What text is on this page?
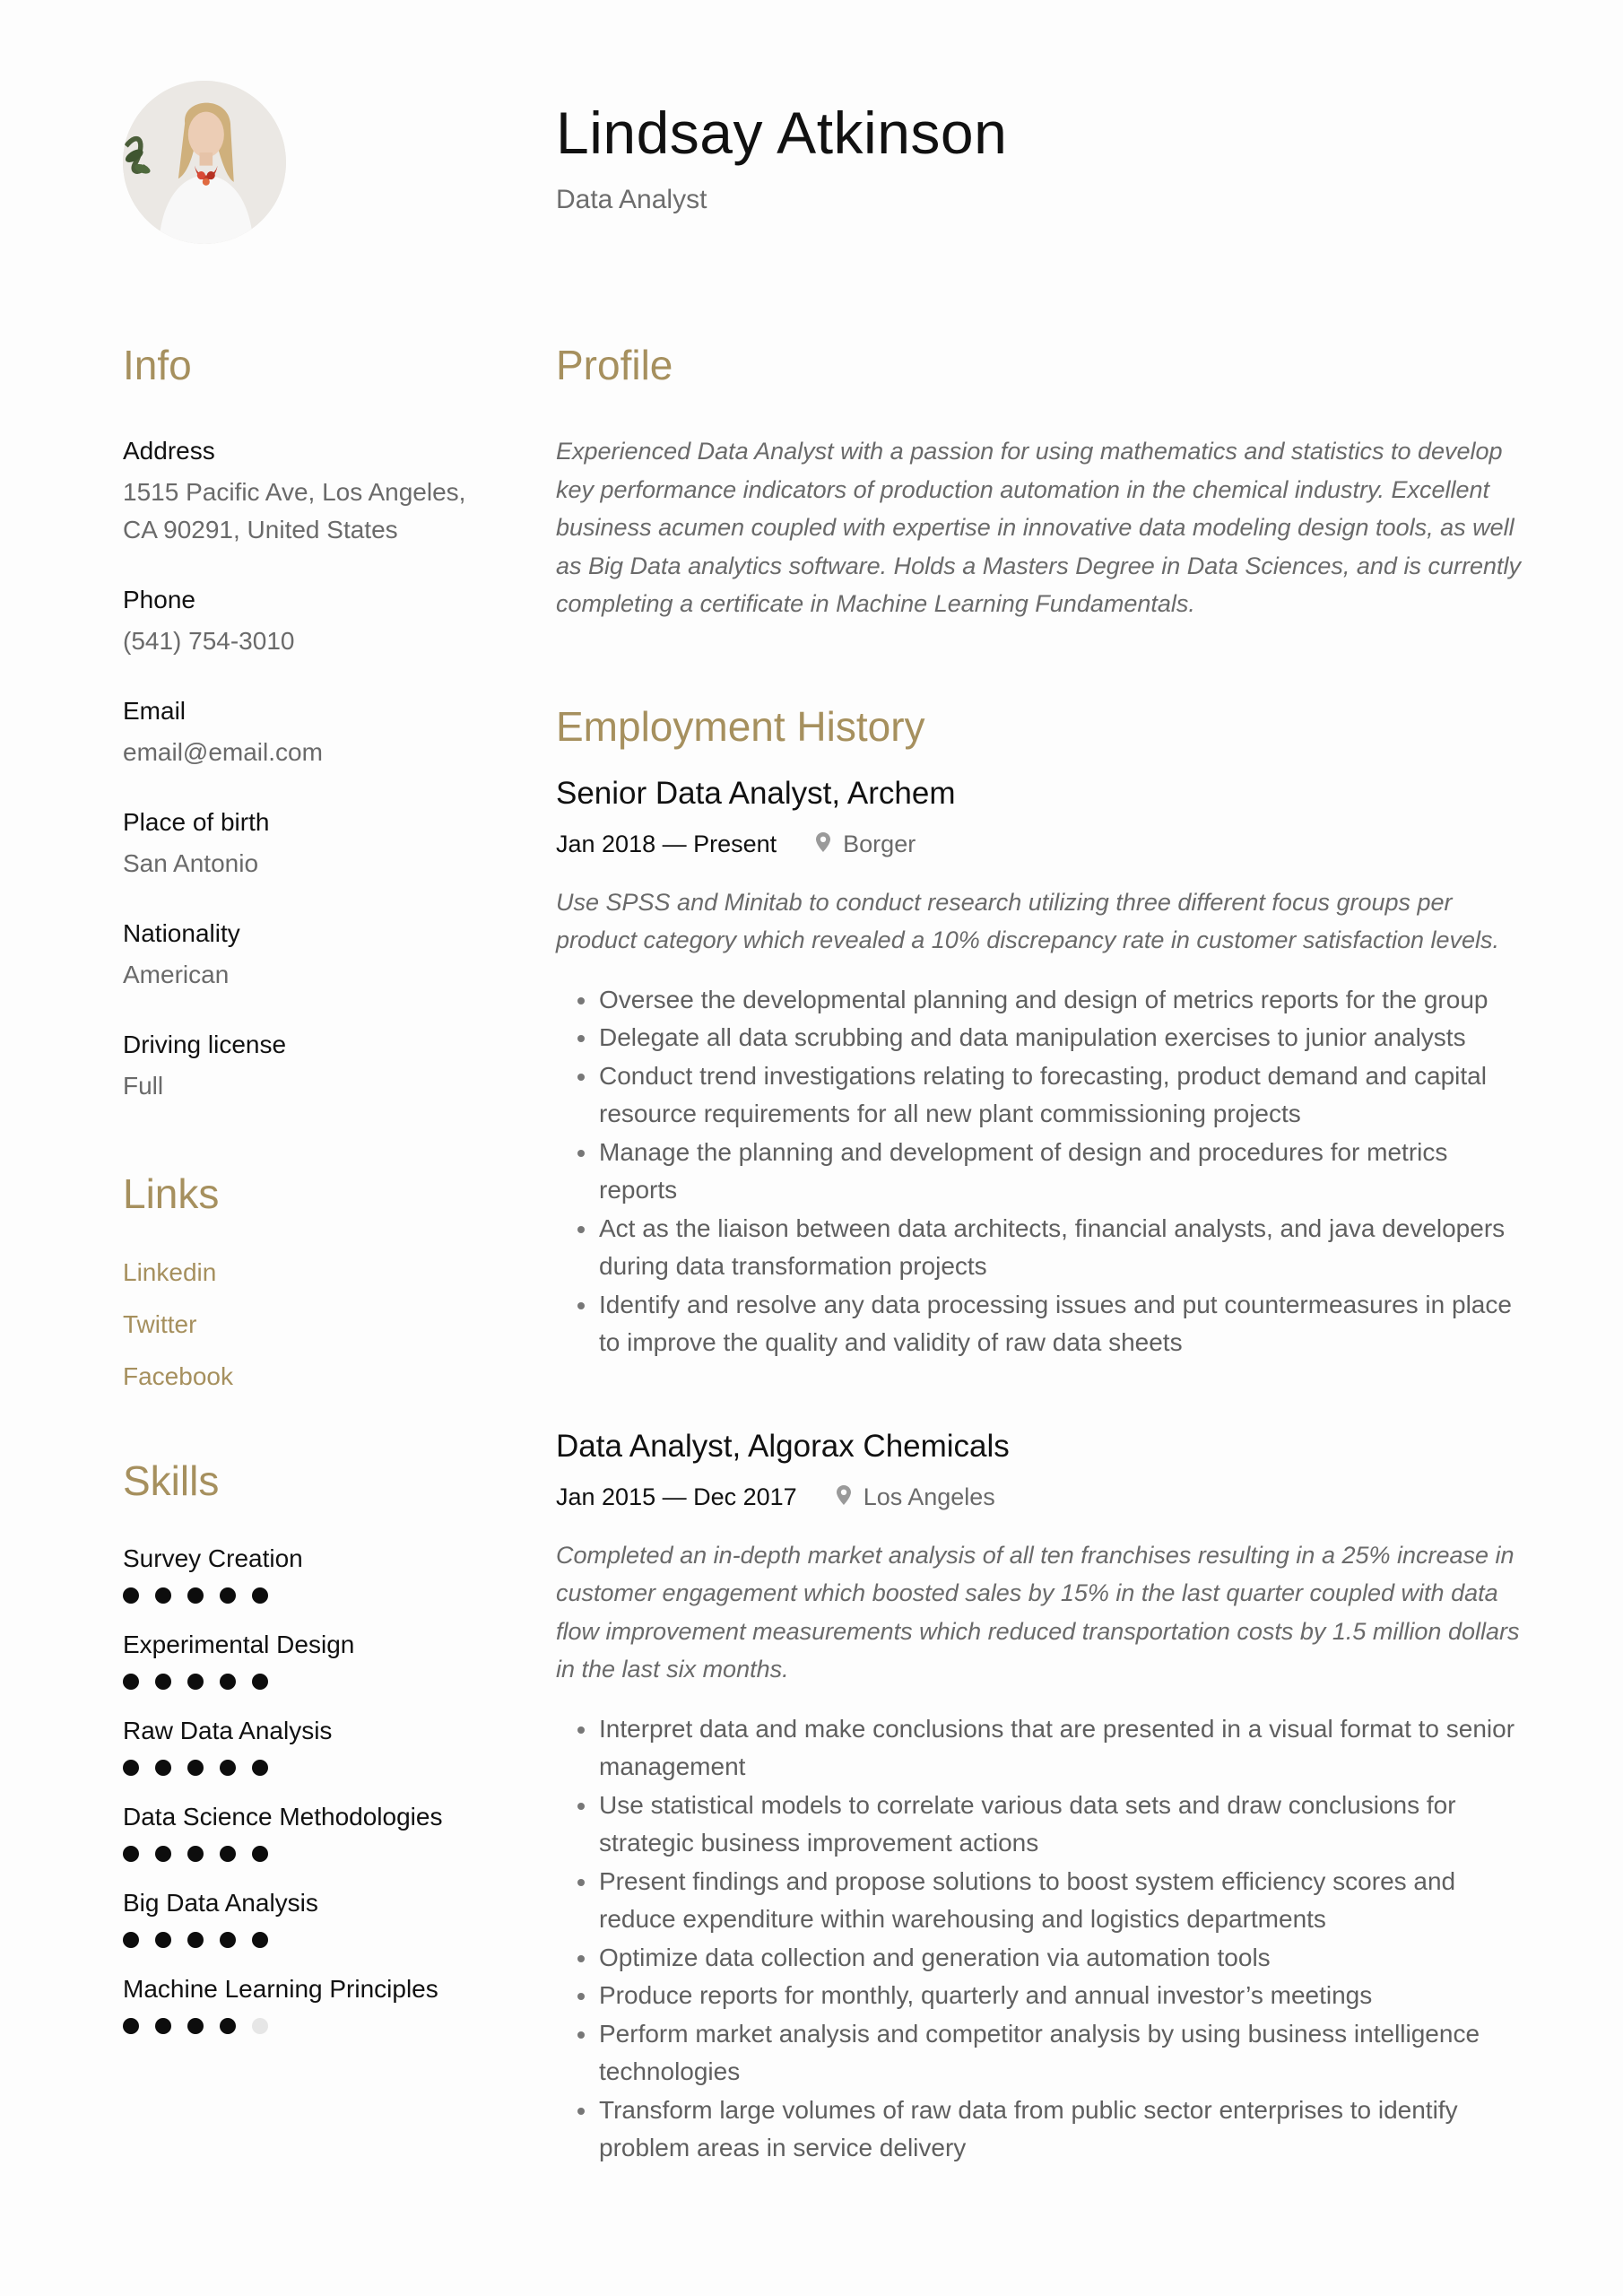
Lindsay Atkinson
Data Analyst
Info
Address
1515 Pacific Ave, Los Angeles,
CA 90291, United States
Phone
(541) 754-3010
Email
email@email.com
Place of birth
San Antonio
Nationality
American
Driving license
Full
Links
Linkedin
Twitter
Facebook
Skills
Survey Creation
Experimental Design
Raw Data Analysis
Data Science Methodologies
Big Data Analysis
Machine Learning Principles
Profile
Experienced Data Analyst with a passion for using mathematics and statistics to develop key performance indicators of production automation in the chemical industry. Excellent business acumen coupled with expertise in innovative data modeling design tools, as well as Big Data analytics software. Holds a Masters Degree in Data Sciences, and is currently completing a certificate in Machine Learning Fundamentals.
Employment History
Senior Data Analyst, Archem
Jan 2018 — Present	Borger
Use SPSS and Minitab to conduct research utilizing three different focus groups per product category which revealed a 10% discrepancy rate in customer satisfaction levels.
Oversee the developmental planning and design of metrics reports for the group
Delegate all data scrubbing and data manipulation exercises to junior analysts
Conduct trend investigations relating to forecasting, product demand and capital resource requirements for all new plant commissioning projects
Manage the planning and development of design and procedures for metrics reports
Act as the liaison between data architects, financial analysts, and java developers during data transformation projects
Identify and resolve any data processing issues and put countermeasures in place to improve the quality and validity of raw data sheets
Data Analyst, Algorax Chemicals
Jan 2015 — Dec 2017	Los Angeles
Completed an in-depth market analysis of all ten franchises resulting in a 25% increase in customer engagement which boosted sales by 15% in the last quarter coupled with data flow improvement measurements which reduced transportation costs by 1.5 million dollars in the last six months.
Interpret data and make conclusions that are presented in a visual format to senior management
Use statistical models to correlate various data sets and draw conclusions for strategic business improvement actions
Present findings and propose solutions to boost system efficiency scores and reduce expenditure within warehousing and logistics departments
Optimize data collection and generation via automation tools
Produce reports for monthly, quarterly and annual investor’s meetings
Perform market analysis and competitor analysis by using business intelligence technologies
Transform large volumes of raw data from public sector enterprises to identify problem areas in service delivery
